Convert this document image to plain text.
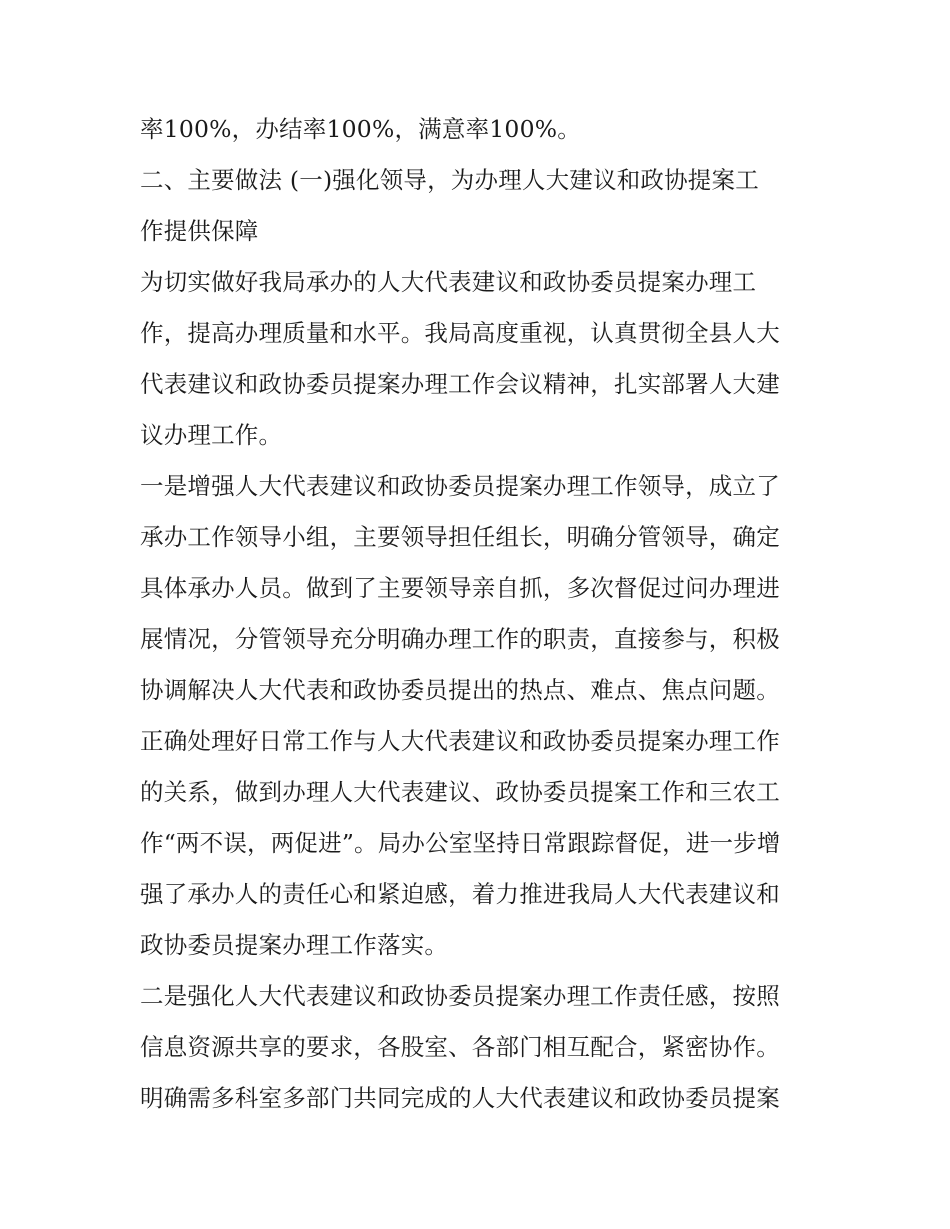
率100%，办结率100%，满意率100%。
二、主要做法 (一)强化领导，为办理人大建议和政协提案工
作提供保障
为切实做好我局承办的人大代表建议和政协委员提案办理工
作，提高办理质量和水平。我局高度重视，认真贯彻全县人大
代表建议和政协委员提案办理工作会议精神，扎实部署人大建
议办理工作。
一是增强人大代表建议和政协委员提案办理工作领导，成立了
承办工作领导小组，主要领导担任组长，明确分管领导，确定
具体承办人员。做到了主要领导亲自抓，多次督促过问办理进
展情况，分管领导充分明确办理工作的职责，直接参与，积极
协调解决人大代表和政协委员提出的热点、难点、焦点问题。
正确处理好日常工作与人大代表建议和政协委员提案办理工作
的关系，做到办理人大代表建议、政协委员提案工作和三农工
作“两不误，两促进”。局办公室坚持日常跟踪督促，进一步增
强了承办人的责任心和紧迫感，着力推进我局人大代表建议和
政协委员提案办理工作落实。
二是强化人大代表建议和政协委员提案办理工作责任感，按照
信息资源共享的要求，各股室、各部门相互配合，紧密协作。
明确需多科室多部门共同完成的人大代表建议和政协委员提案
